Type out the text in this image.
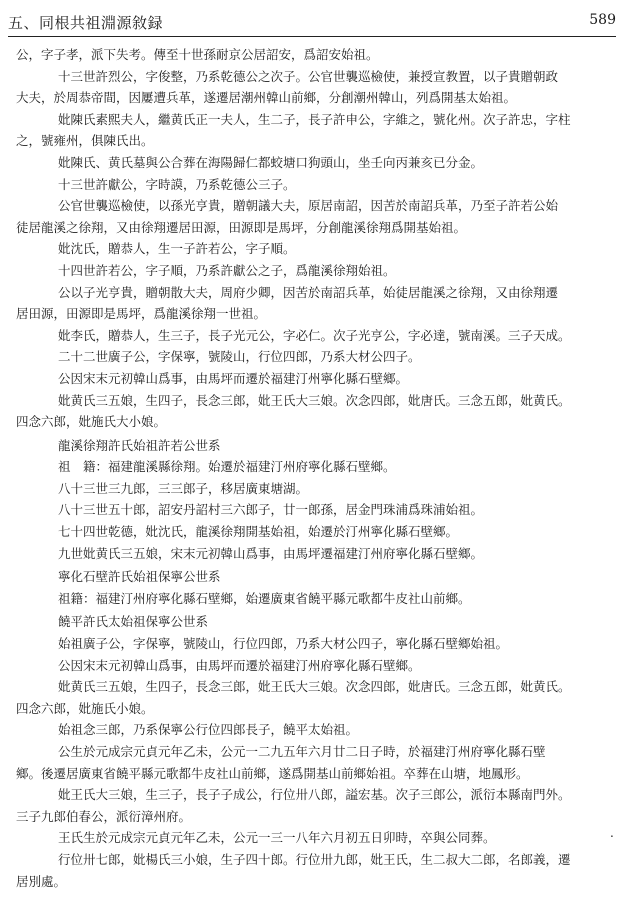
五、同根共祖淵源敘録	589
公，字子孝，派下失考。傳至十世孫耐京公居詔安，爲詔安始祖。
十三世許烈公，字俊整，乃系乾德公之次子。公官世襲巡檢使，兼授宣教置，以子貴贈朝政
大夫，於周恭帝間，因屢遭兵革，遂遷居潮州韓山前鄉，分創潮州韓山，列爲開基太始祖。
妣陳氏素熙夫人，繼黄氏正一夫人，生二子，長子許申公，字維之，號化州。次子許忠，字柱
之，號雍州，俱陳氏出。
妣陳氏、黄氏墓與公合葬在海陽歸仁都蛟塘口狗頭山，坐壬向丙兼亥已分金。
十三世許獻公，字時謨，乃系乾德公三子。
公官世襲巡檢使，以孫光亨貴，贈朝議大夫，原居南詔，因苦於南詔兵革，乃至子許若公始
徒居龍溪之徐翔，又由徐翔遷居田源，田源即是馬坪，分創龍溪徐翔爲開基始祖。
妣沈氏，贈恭人，生一子許若公，字子順。
十四世許若公，字子順，乃系許獻公之子，爲龍溪徐翔始祖。
公以子光亨貴，贈朝散大夫，周府少卿，因苦於南詔兵革，始徒居龍溪之徐翔，又由徐翔遷
居田源，田源即是馬坪，爲龍溪徐翔一世祖。
妣李氏，贈恭人，生三子，長子光元公，字必仁。次子光亨公，字必達，號南溪。三子天成。
二十二世廣子公，字保寧，號陵山，行位四郎，乃系大材公四子。
公因宋末元初韓山爲事，由馬坪而遷於福建汀州寧化縣石壁鄉。
妣黄氏三五娘，生四子，長念三郎，妣王氏大三娘。次念四郎，妣唐氏。三念五郎，妣黄氏。
四念六郎，妣施氏大小娘。
龍溪徐翔許氏始祖許若公世系
祖　籍：福建龍溪縣徐翔。始遷於福建汀州府寧化縣石壁鄉。
八十三世三九郎，三三郎子，移居廣東塘湖。
八十三世五十郎，詔安丹詔村三六郎子，廿一郎孫，居金門珠浦爲珠浦始祖。
七十四世乾德，妣沈氏，龍溪徐翔開基始祖，始遷於汀州寧化縣石壁鄉。
九世妣黄氏三五娘，宋末元初韓山爲事，由馬坪遷福建汀州府寧化縣石壁鄉。
寧化石壁許氏始祖保寧公世系
祖籍：福建汀州府寧化縣石壁鄉，始遷廣東省饒平縣元歌都牛皮社山前鄉。
饒平許氏太始祖保寧公世系
始祖廣子公，字保寧，號陵山，行位四郎，乃系大材公四子，寧化縣石壁鄉始祖。
公因宋末元初韓山爲事，由馬坪而遷於福建汀州府寧化縣石壁鄉。
妣黄氏三五娘，生四子，長念三郎，妣王氏大三娘。次念四郎，妣唐氏。三念五郎，妣黄氏。
四念六郎，妣施氏小娘。
始祖念三郎，乃系保寧公行位四郎長子，饒平太始祖。
公生於元成宗元貞元年乙未，公元一二九五年六月廿二日子時，於福建汀州府寧化縣石壁
鄉。後遷居廣東省饒平縣元歌都牛皮社山前鄉，遂爲開基山前鄉始祖。卒葬在山塘，地鳳形。
妣王氏大三娘，生三子，長子子成公，行位卅八郎，謚宏基。次子三郎公，派衍本縣南門外。
三子九郎伯春公，派衍漳州府。
王氏生於元成宗元貞元年乙未，公元一三一八年六月初五日卯時，卒與公同葬。
行位卅七郎，妣楊氏三小娘，生子四十郎。行位卅九郎，妣王氏，生二叔大二郎，名郎義，遷
居別處。
.
